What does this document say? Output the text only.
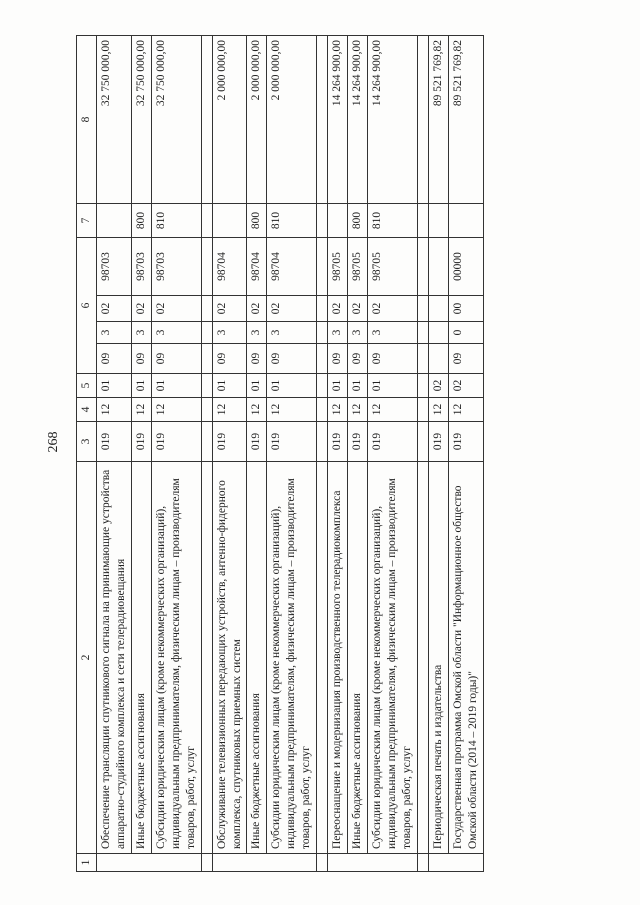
268
1	2	3	4	5	6				7	8
	Обеспечение трансляции спутникового сигнала на принимающие устройства аппаратно-студийного комплекса и сети телерадиовещания	019	12	01	09	3	02	98703		32 750 000,00
	Иные бюджетные ассигнования	019	12	01	09	3	02	98703	800	32 750 000,00
	Субсидии юридическим лицам (кроме некоммерческих организаций), индивидуальным предпринимателям, физическим лицам – производителям товаров, работ, услуг	019	12	01	09	3	02	98703	810	32 750 000,00

	Обслуживание телевизионных передающих устройств, антенно-фидерного комплекса, спутниковых приемных систем	019	12	01	09	3	02	98704		2 000 000,00
	Иные бюджетные ассигнования	019	12	01	09	3	02	98704	800	2 000 000,00
	Субсидии юридическим лицам (кроме некоммерческих организаций), индивидуальным предпринимателям, физическим лицам – производителям товаров, работ, услуг	019	12	01	09	3	02	98704	810	2 000 000,00

	Переоснащение и модернизация производственного телерадиокомплекса	019	12	01	09	3	02	98705		14 264 900,00
	Иные бюджетные ассигнования	019	12	01	09	3	02	98705	800	14 264 900,00
	Субсидии юридическим лицам (кроме некоммерческих организаций), индивидуальным предпринимателям, физическим лицам – производителям товаров, работ, услуг	019	12	01	09	3	02	98705	810	14 264 900,00

	Периодическая печать и издательства	019	12	02						89 521 769,82
	Государственная программа Омской области "Информационное общество Омской области (2014 – 2019 годы)"	019	12	02	09	0	00	00000		89 521 769,82
